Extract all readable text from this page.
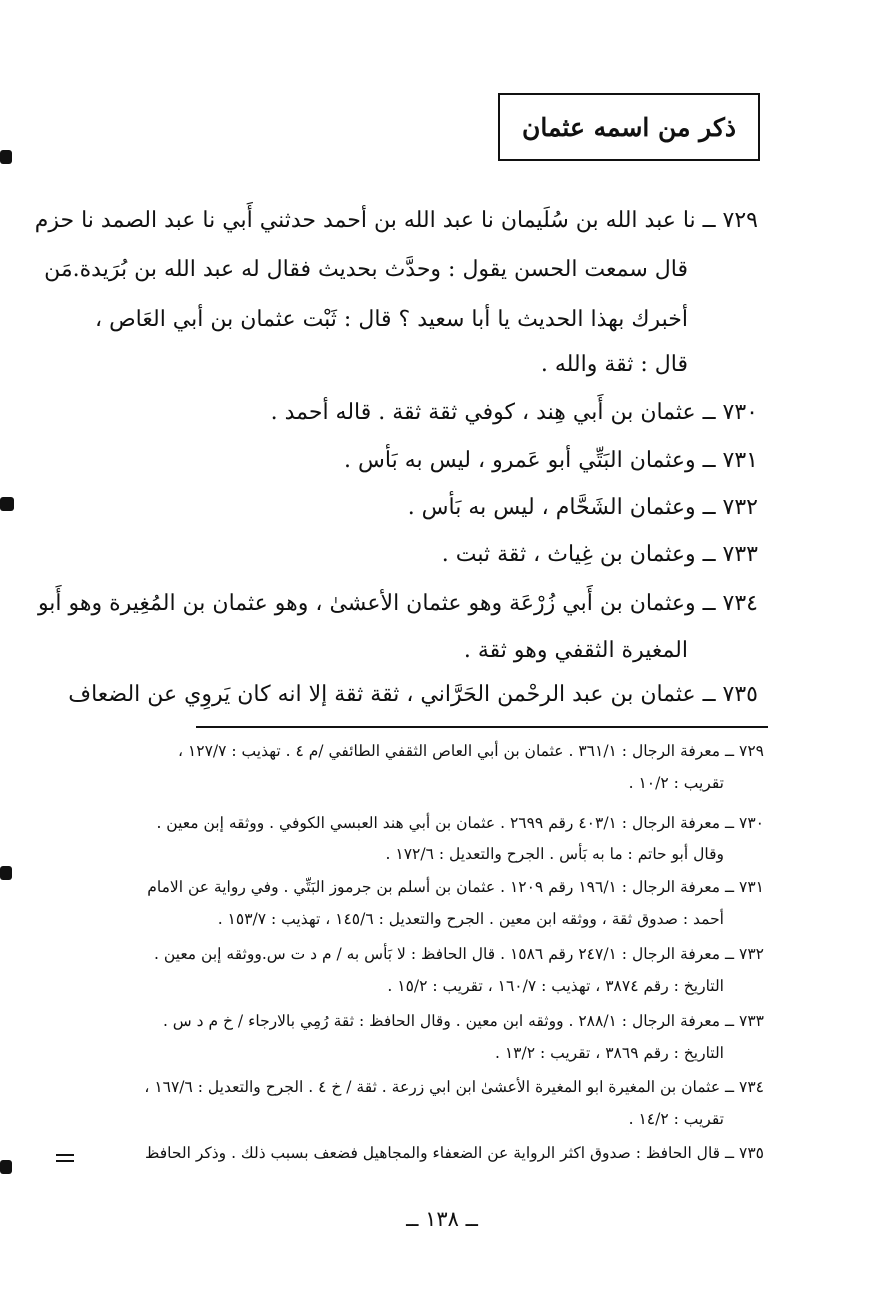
ذكر من اسمه عثمان
٧٢٩ ــ نا عبد الله بن سُلَيمان نا عبد الله بن أحمد حدثني أَبي نا عبد الصمد نا حزم
قال سمعت الحسن يقول : وحدَّث بحديث فقال له عبد الله بن بُرَيدة.مَن
أخبرك بهذا الحديث يا أبا سعيد ؟ قال : ثَبْت عثمان بن أبي العَاص ،
قال : ثقة والله .
٧٣٠ ــ عثمان بن أَبي هِند ، كوفي ثقة ثقة . قاله أحمد .
٧٣١ ــ وعثمان البَتِّي أبو عَمرو ، ليس به بَأس .
٧٣٢ ــ وعثمان الشَحَّام ، ليس به بَأس .
٧٣٣ ــ وعثمان بن غِياث ، ثقة ثبت .
٧٣٤ ــ وعثمان بن أَبي زُرْعَة وهو عثمان الأعشىٰ ، وهو عثمان بن المُغِيرة وهو أَبو
المغيرة الثقفي وهو ثقة .
٧٣٥ ــ عثمان بن عبد الرحْمن الحَرَّاني ، ثقة ثقة إلا انه كان يَروِي عن الضعاف
٧٢٩ ــ معرفة الرجال : ٣٦١/١ . عثمان بن أبي العاص الثقفي الطائفي /م ٤ . تهذيب : ١٢٧/٧ ،
تقريب : ١٠/٢ .
٧٣٠ ــ معرفة الرجال : ٤٠٣/١ رقم ٢٦٩٩ . عثمان بن أبي هند العبسي الكوفي . ووثقه إبن معين .
وقال أبو حاتم : ما به بَأس . الجرح والتعديل : ١٧٢/٦ .
٧٣١ ــ معرفة الرجال : ١٩٦/١ رقم ١٢٠٩ . عثمان بن أسلم بن جرموز البَتِّي . وفي رواية عن الامام
أحمد : صدوق ثقة ، ووثقه ابن معين . الجرح والتعديل : ١٤٥/٦ ، تهذيب : ١٥٣/٧ .
٧٣٢ ــ معرفة الرجال : ٢٤٧/١ رقم ١٥٨٦ . قال الحافظ : لا بَأس به / م د ت س.ووثقه إبن معين .
التاريخ : رقم ٣٨٧٤ ، تهذيب : ١٦٠/٧ ، تقريب : ١٥/٢ .
٧٣٣ ــ معرفة الرجال : ٢٨٨/١ . ووثقه ابن معين . وقال الحافظ : ثقة رُمِي بالارجاء / خ م د س .
التاريخ : رقم ٣٨٦٩ ، تقريب : ١٣/٢ .
٧٣٤ ــ عثمان بن المغيرة ابو المغيرة الأعشىٰ ابن ابي زرعة . ثقة / خ ٤ . الجرح والتعديل : ١٦٧/٦ ،
تقريب : ١٤/٢ .
٧٣٥ ــ قال الحافظ : صدوق اكثر الرواية عن الضعفاء والمجاهيل فضعف بسبب ذلك . وذكر الحافظ
ــ ١٣٨ ــ
